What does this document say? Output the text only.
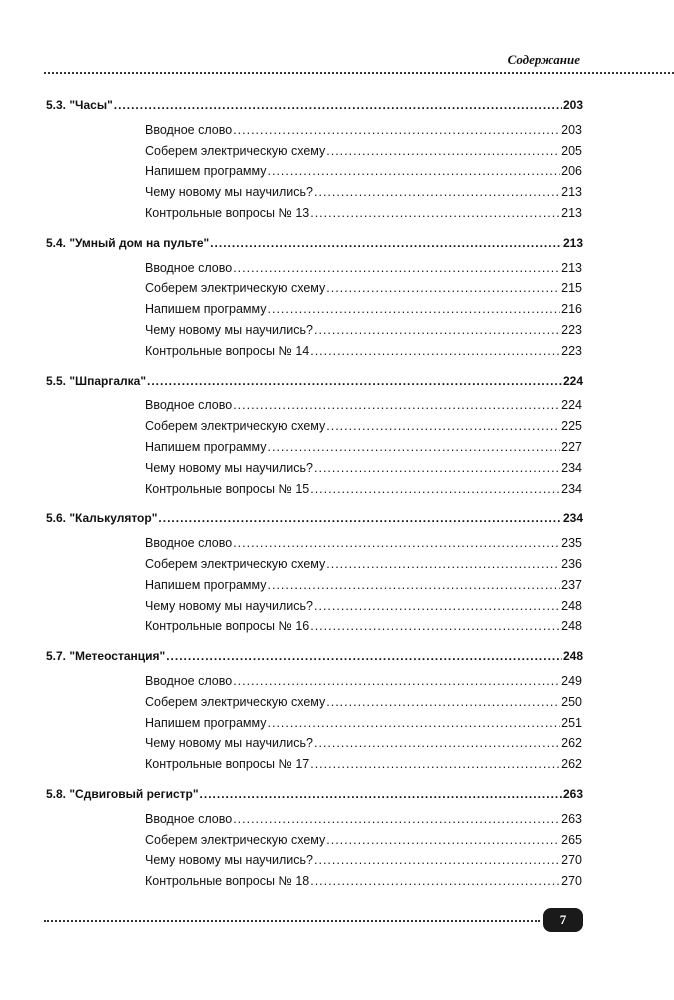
Содержание
5.3. "Часы" .....	203
Вводное слово .....	203
Соберем электрическую схему .....	205
Напишем программу .....	206
Чему новому мы научились? .....	213
Контрольные вопросы № 13 .....	213
5.4. "Умный дом на пульте" .....	213
Вводное слово .....	213
Соберем электрическую схему .....	215
Напишем программу .....	216
Чему новому мы научились? .....	223
Контрольные вопросы № 14 .....	223
5.5. "Шпаргалка" .....	224
Вводное слово .....	224
Соберем электрическую схему .....	225
Напишем программу .....	227
Чему новому мы научились? .....	234
Контрольные вопросы № 15 .....	234
5.6. "Калькулятор" .....	234
Вводное слово .....	235
Соберем электрическую схему .....	236
Напишем программу .....	237
Чему новому мы научились? .....	248
Контрольные вопросы № 16 .....	248
5.7. "Метеостанция" .....	248
Вводное слово .....	249
Соберем электрическую схему .....	250
Напишем программу .....	251
Чему новому мы научились? .....	262
Контрольные вопросы № 17 .....	262
5.8. "Сдвиговый регистр" .....	263
Вводное слово .....	263
Соберем электрическую схему .....	265
Чему новому мы научились? .....	270
Контрольные вопросы № 18 .....	270
7
